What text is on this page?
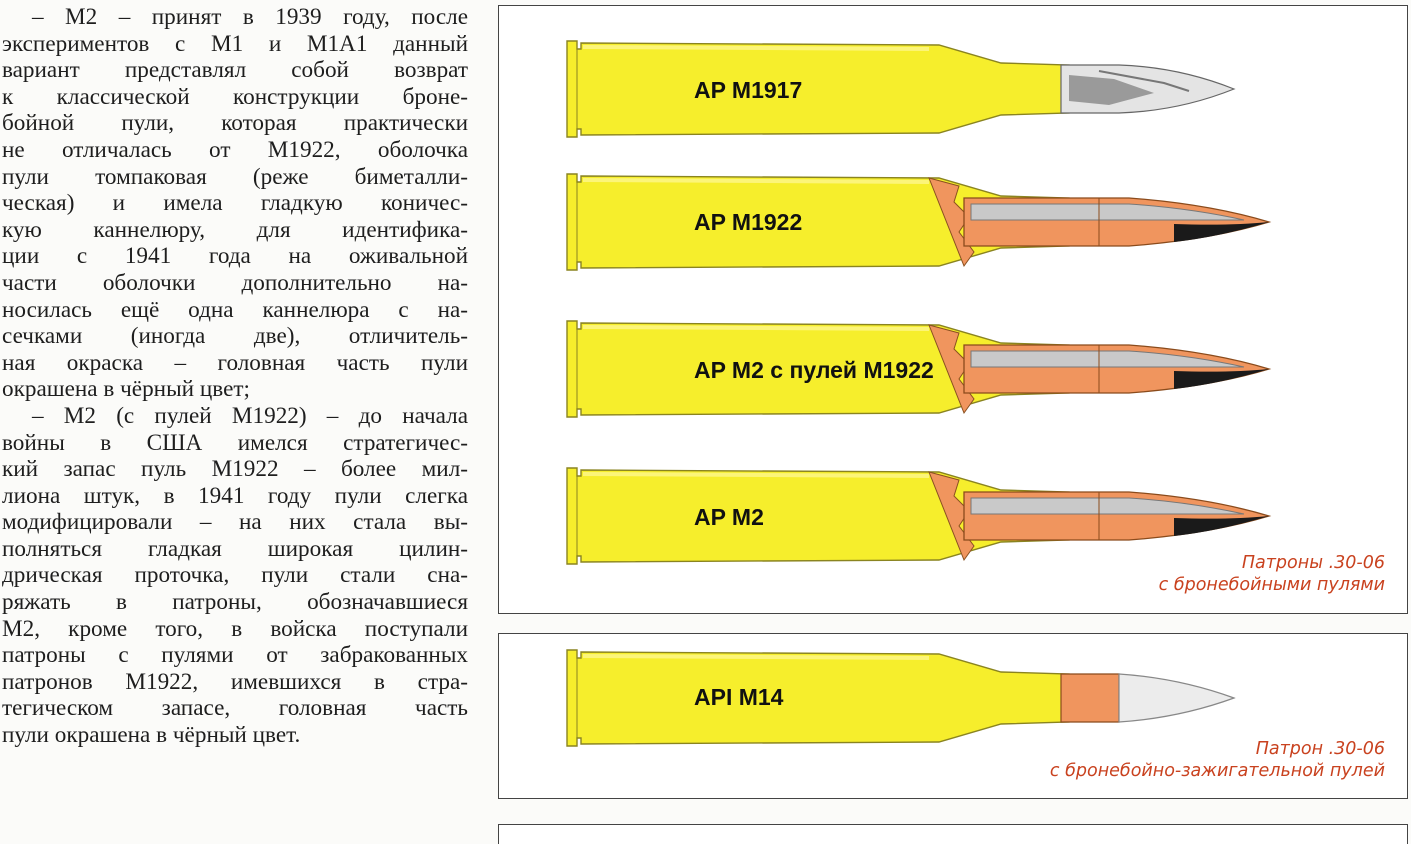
– M2 – принят в 1939 году, после
экспериментов с M1 и M1A1 данный
вариант представлял собой возврат
к классической конструкции броне-
бойной пули, которая практически
не отличалась от M1922, оболочка
пули томпаковая (реже биметалли-
ческая) и имела гладкую коничес-
кую каннелюру, для идентифика-
ции с 1941 года на оживальной
части оболочки дополнительно на-
носилась ещё одна каннелюра с на-
сечками (иногда две), отличитель-
ная окраска – головная часть пули
окрашена в чёрный цвет;
– M2 (с пулей M1922) – до начала
войны в США имелся стратегичес-
кий запас пуль M1922 – более мил-
лиона штук, в 1941 году пули слегка
модифицировали – на них стала вы-
полняться гладкая широкая цилин-
дрическая проточка, пули стали сна-
ряжать в патроны, обозначавшиеся
M2, кроме того, в войска поступали
патроны с пулями от забракованных
патронов M1922, имевшихся в стра-
тегическом запасе, головная часть
пули окрашена в чёрный цвет.
AP M1917
AP M1922
AP M2 с пулей M1922
AP M2
Патроны .30-06
с бронебойными пулями
API M14
Патрон .30-06
с бронебойно-зажигательной пулей
